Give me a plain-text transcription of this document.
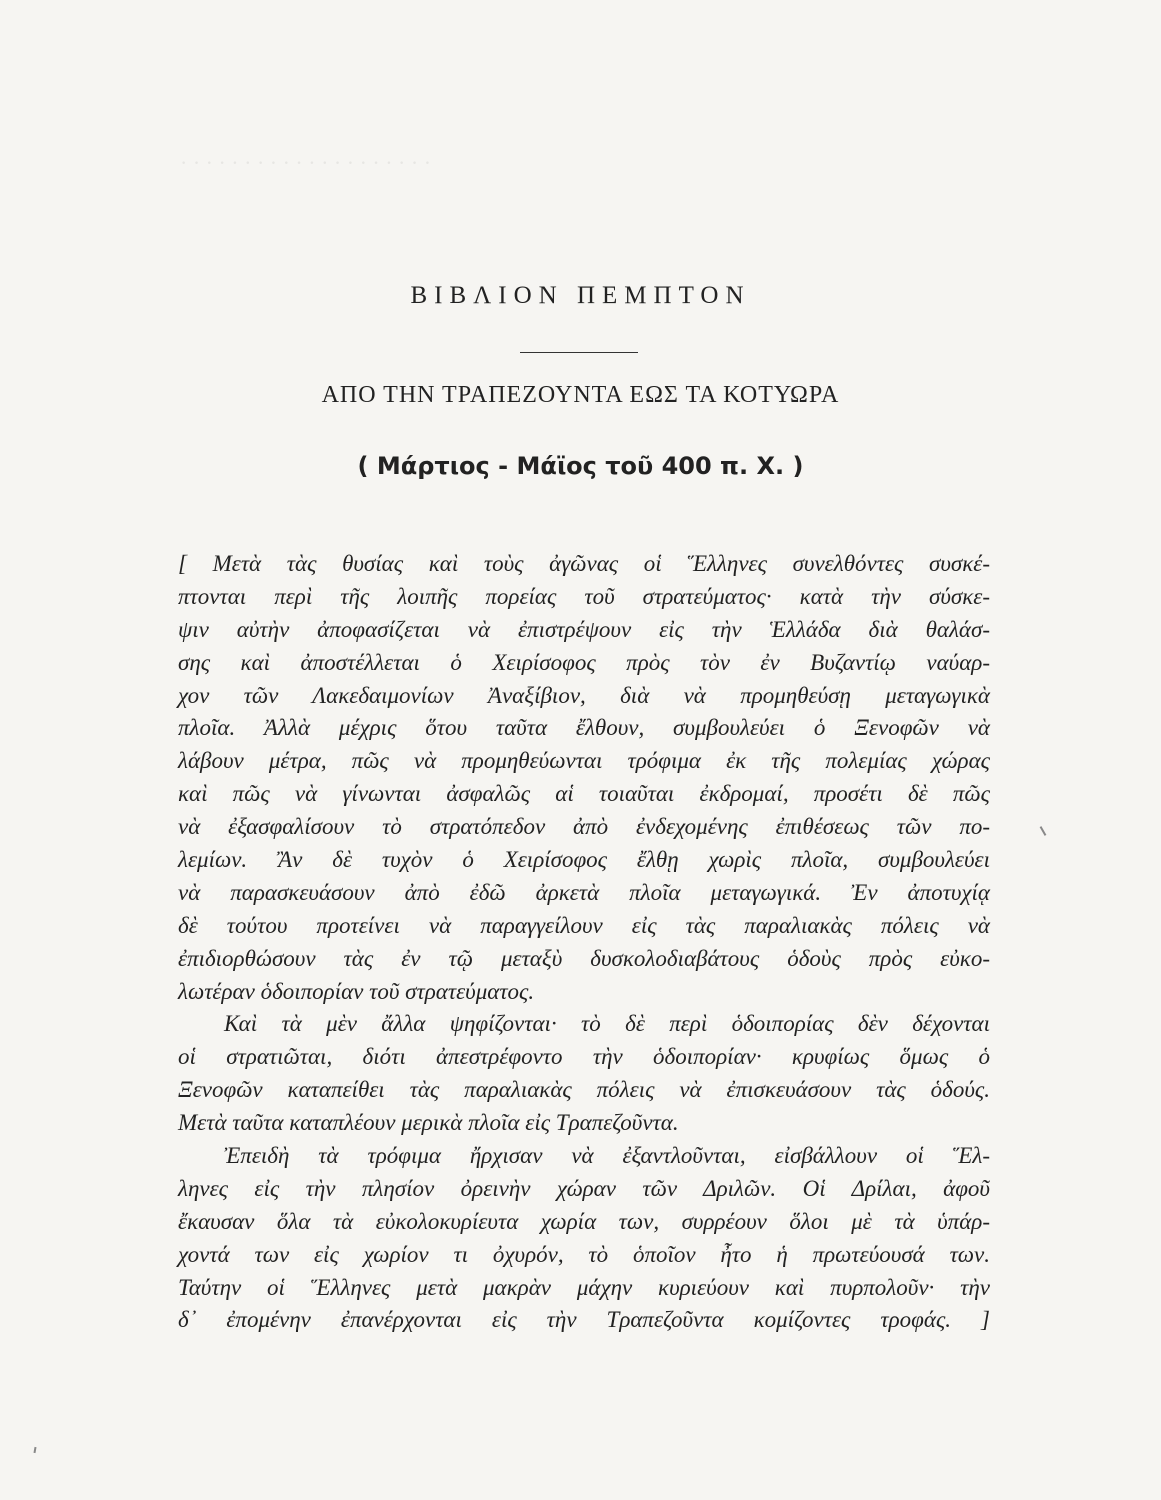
· · · · · · · · · · · · · · · · · · · ·
ΒΙΒΛΙΟΝ ΠΕΜΠΤΟΝ
ΑΠΟ ΤΗΝ ΤΡΑΠΕΖΟΥΝΤΑ ΕΩΣ ΤΑ ΚΟΤΥΩΡΑ
( Μάρτιος - Μάϊος τοῦ 400 π. Χ. )
[ Μετὰ τὰς θυσίας καὶ τοὺς ἀγῶνας οἱ Ἕλληνες συνελθόντες συσκέ-
πτονται περὶ τῆς λοιπῆς πορείας τοῦ στρατεύματος· κατὰ τὴν σύσκε-
ψιν αὐτὴν ἀποφασίζεται νὰ ἐπιστρέψουν εἰς τὴν Ἑλλάδα διὰ θαλάσ-
σης καὶ ἀποστέλλεται ὁ Χειρίσοφος πρὸς τὸν ἐν Βυζαντίῳ ναύαρ-
χον τῶν Λακεδαιμονίων Ἀναξίβιον, διὰ νὰ προμηθεύσῃ μεταγωγικὰ
πλοῖα. Ἀλλὰ μέχρις ὅτου ταῦτα ἔλθουν, συμβουλεύει ὁ Ξενοφῶν νὰ
λάβουν μέτρα, πῶς νὰ προμηθεύωνται τρόφιμα ἐκ τῆς πολεμίας χώρας
καὶ πῶς νὰ γίνωνται ἀσφαλῶς αἱ τοιαῦται ἐκδρομαί, προσέτι δὲ πῶς
νὰ ἐξασφαλίσουν τὸ στρατόπεδον ἀπὸ ἐνδεχομένης ἐπιθέσεως τῶν πο-
λεμίων. Ἂν δὲ τυχὸν ὁ Χειρίσοφος ἔλθῃ χωρὶς πλοῖα, συμβουλεύει
νὰ παρασκευάσουν ἀπὸ ἐδῶ ἀρκετὰ πλοῖα μεταγωγικά. Ἐν ἀποτυχίᾳ
δὲ τούτου προτείνει νὰ παραγγείλουν εἰς τὰς παραλιακὰς πόλεις νὰ
ἐπιδιορθώσουν τὰς ἐν τῷ μεταξὺ δυσκολοδιαβάτους ὁδοὺς πρὸς εὐκο-
λωτέραν ὁδοιπορίαν τοῦ στρατεύματος.
Καὶ τὰ μὲν ἄλλα ψηφίζονται· τὸ δὲ περὶ ὁδοιπορίας δὲν δέχονται
οἱ στρατιῶται, διότι ἀπεστρέφοντο τὴν ὁδοιπορίαν· κρυφίως ὅμως ὁ
Ξενοφῶν καταπείθει τὰς παραλιακὰς πόλεις νὰ ἐπισκευάσουν τὰς ὁδούς.
Μετὰ ταῦτα καταπλέουν μερικὰ πλοῖα εἰς Τραπεζοῦντα.
Ἐπειδὴ τὰ τρόφιμα ἤρχισαν νὰ ἐξαντλοῦνται, εἰσβάλλουν οἱ Ἕλ-
ληνες εἰς τὴν πλησίον ὀρεινὴν χώραν τῶν Δριλῶν. Οἱ Δρίλαι, ἀφοῦ
ἔκαυσαν ὅλα τὰ εὐκολοκυρίευτα χωρία των, συρρέουν ὅλοι μὲ τὰ ὑπάρ-
χοντά των εἰς χωρίον τι ὀχυρόν, τὸ ὁποῖον ἦτο ἡ πρωτεύουσά των.
Ταύτην οἱ Ἕλληνες μετὰ μακρὰν μάχην κυριεύουν καὶ πυρπολοῦν· τὴν
δ᾽ ἐπομένην ἐπανέρχονται εἰς τὴν Τραπεζοῦντα κομίζοντες τροφάς. ]
